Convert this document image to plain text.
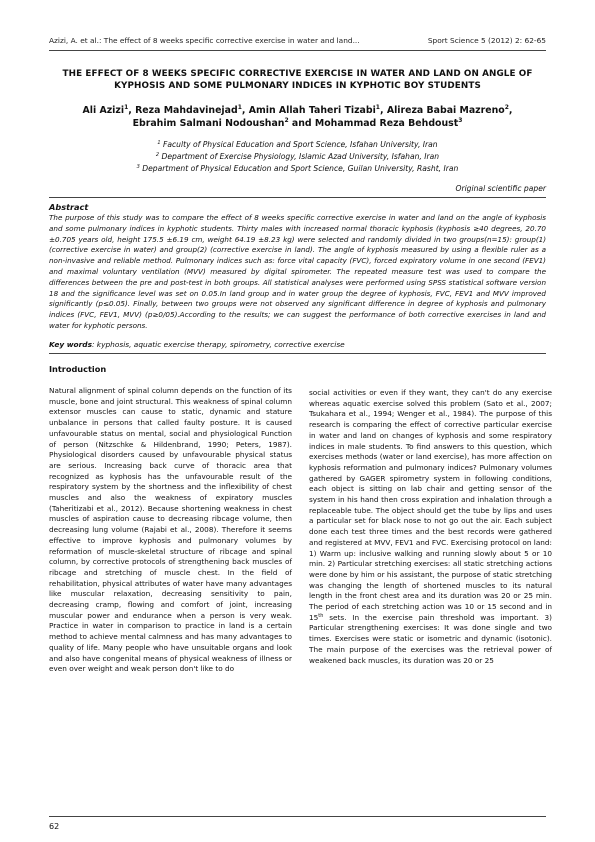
Azizi, A. et al.: The effect of 8 weeks specific corrective exercise in water and land...	Sport Science 5 (2012) 2: 62-65
THE EFFECT OF 8 WEEKS SPECIFIC CORRECTIVE EXERCISE IN WATER AND LAND ON ANGLE OF KYPHOSIS AND SOME PULMONARY INDICES IN KYPHOTIC BOY STUDENTS
Ali Azizi$^1$, Reza Mahdavinejad$^1$, Amin Allah Taheri Tizabi$^1$, Alireza Babai Mazreno$^2$,
Ebrahim Salmani Nodoushan$^2$ and Mohammad Reza Behdoust$^3$
$^1$ Faculty of Physical Education and Sport Science, Isfahan University, Iran
$^2$ Department of Exercise Physiology, Islamic Azad University, Isfahan, Iran
$^3$ Department of Physical Education and Sport Science, Guilan University, Rasht, Iran
Original scientific paper
Abstract
The purpose of this study was to compare the effect of 8 weeks specific corrective exercise in water and land on the angle of kyphosis and some pulmonary indices in kyphotic students. Thirty males with increased normal thoracic kyphosis (kyphosis ≥40 degrees, 20.70 ±0.705 years old, height 175.5 ±6.19 cm, weight 64.19 ±8.23 kg) were selected and randomly divided in two groups(n=15): group(1) (corrective exercise in water) and group(2) (corrective exercise in land). The angle of kyphosis measured by using a flexible ruler as a non-invasive and reliable method. Pulmonary indices such as: force vital capacity (FVC), forced expiratory volume in one second (FEV1) and maximal voluntary ventilation (MVV) measured by digital spirometer. The repeated measure test was used to compare the differences between the pre and post-test in both groups. All statistical analyses were performed using SPSS statistical software version 18 and the significance level was set on 0.05.In land group and in water group the degree of kyphosis, FVC, FEV1 and MVV improved significantly (p≤0.05). Finally, between two groups were not observed any significant difference in degree of kyphosis and pulmonary indices (FVC, FEV1, MVV) (p≥0/05).According to the results; we can suggest the performance of both corrective exercises in land and water for kyphotic persons.
Key words: kyphosis, aquatic exercise therapy, spirometry, corrective exercise
Introduction
Natural alignment of spinal column depends on the function of its muscle, bone and joint structural. This weakness of spinal column extensor muscles can cause to static, dynamic and stature unbalance in persons that called faulty posture. It is caused unfavourable status on mental, social and physiological Function of person (Nitzschke & Hildenbrand, 1990; Peters, 1987). Physiological disorders caused by unfavourable physical status are serious. Increasing back curve of thoracic area that recognized as kyphosis has the unfavourable result of the respiratory system by the shortness and the inflexibility of chest muscles and also the weakness of expiratory muscles (Taheritizabi et al., 2012). Because shortening weakness in chest muscles of aspiration cause to decreasing ribcage volume, then decreasing lung volume (Rajabi et al., 2008). Therefore it seems effective to improve kyphosis and pulmonary volumes by reformation of muscle-skeletal structure of ribcage and spinal column, by corrective protocols of strengthening back muscles of ribcage and stretching of muscle chest. In the field of rehabilitation, physical attributes of water have many advantages like muscular relaxation, decreasing sensitivity to pain, decreasing cramp, flowing and comfort of joint, increasing muscular power and endurance when a person is very weak. Practice in water in comparison to practice in land is a certain method to achieve mental calmness and has many advantages to quality of life. Many people who have unsuitable organs and look and also have congenital means of physical weakness of illness or even over weight and weak person don't like to do
social activities or even if they want, they can't do any exercise whereas aquatic exercise solved this problem (Sato et al., 2007; Tsukahara et al., 1994; Wenger et al., 1984). The purpose of this research is comparing the effect of corrective particular exercise in water and land on changes of kyphosis and some respiratory indices in male students. To find answers to this question, which exercises methods (water or land exercise), has more affection on kyphosis reformation and pulmonary indices? Pulmonary volumes gathered by GAGER spirometry system in following conditions, each object is sitting on lab chair and getting sensor of the system in his hand then cross expiration and inhalation through a replaceable tube. The object should get the tube by lips and uses a particular set for black nose to not go out the air. Each subject done each test three times and the best records were gathered and registered at MVV, FEV1 and FVC. Exercising protocol on land: 1) Warm up: inclusive walking and running slowly about 5 or 10 min. 2) Particular stretching exercises: all static stretching actions were done by him or his assistant, the purpose of static stretching was changing the length of shortened muscles to its natural length in the front chest area and its duration was 20 or 25 min. The period of each stretching action was 10 or 15 second and in 15th sets. In the exercise pain threshold was important. 3) Particular strengthening exercises: It was done single and two times. Exercises were static or isometric and dynamic (isotonic). The main purpose of the exercises was the retrieval power of weakened back muscles, its duration was 20 or 25
62
